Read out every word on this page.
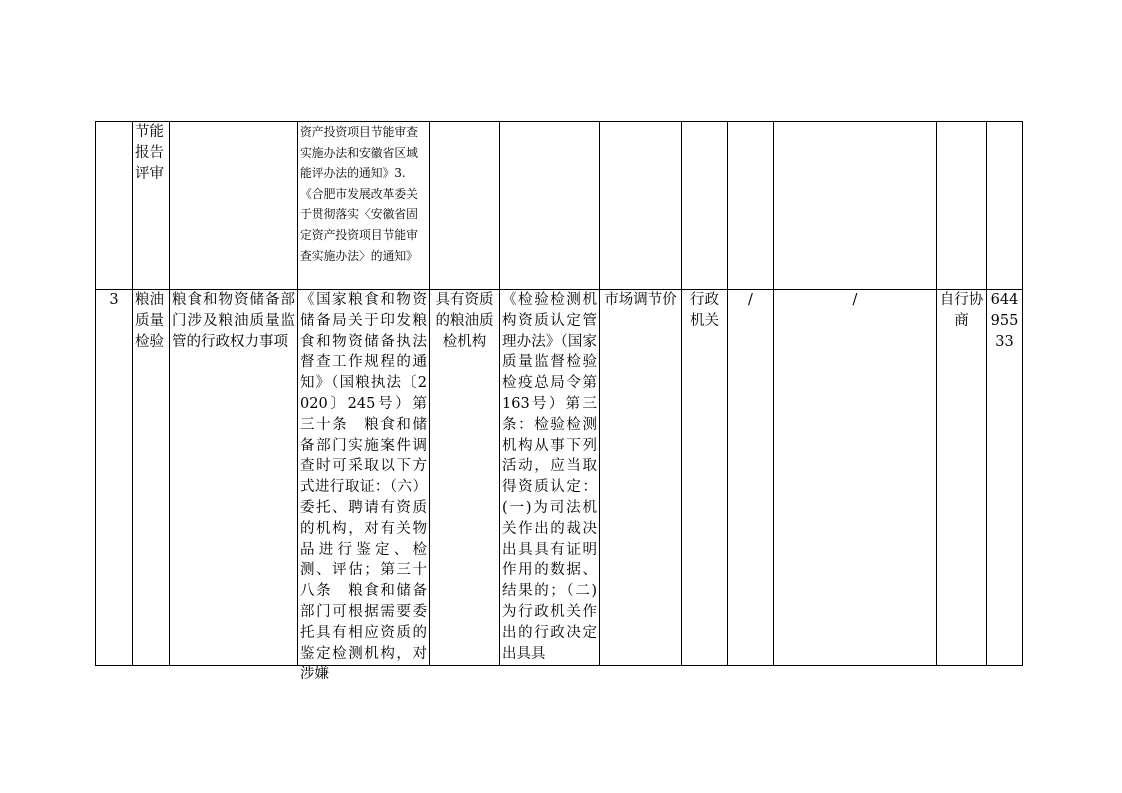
	节能报告评审		资产投资项目节能审查实施办法和安徽省区域能评办法的通知》3.《合肥市发展改革委关于贯彻落实〈安徽省固定资产投资项目节能审查实施办法〉的通知》								
3	粮油质量检验	粮食和物资储备部门涉及粮油质量监管的行政权力事项	《国家粮食和物资储备局关于印发粮食和物资储备执法督查工作规程的通知》（国粮执法〔2020〕245号）第三十条　粮食和储备部门实施案件调查时可采取以下方式进行取证：（六）委托、聘请有资质的机构，对有关物品进行鉴定、检测、评估；第三十八条　粮食和储备部门可根据需要委托具有相应资质的鉴定检测机构，对涉嫌	具有资质的粮油质检机构	《检验检测机构资质认定管理办法》（国家质量监督检验检疫总局令第163号）第三条：检验检测机构从事下列活动，应当取得资质认定：(一)为司法机关作出的裁决出具具有证明作用的数据、结果的；（二)为行政机关作出的行政决定出具具	市场调节价	行政机关	/	/	自行协商	64495533
